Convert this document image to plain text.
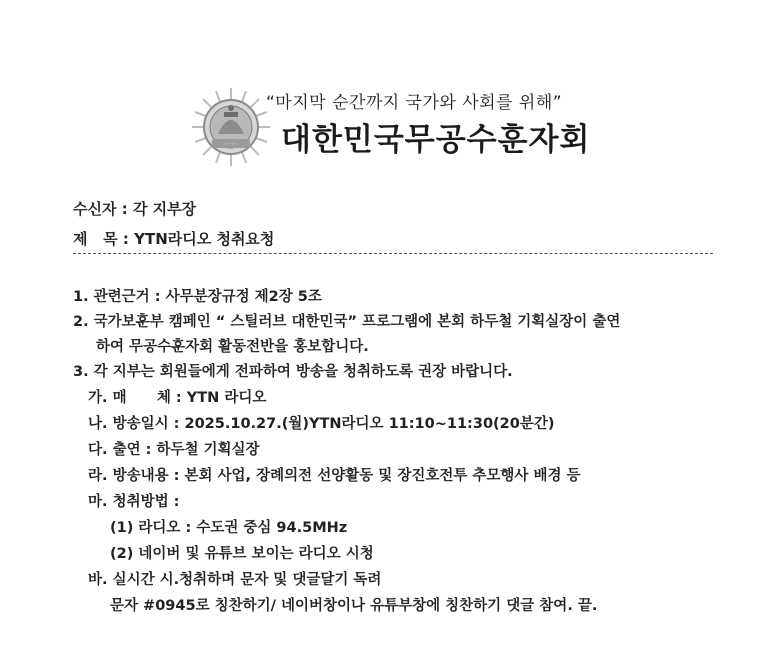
◦◦◦◦
“마지막 순간까지 국가와 사회를 위해”
대한민국무공수훈자회
수신자 : 각 지부장
제   목 : YTN라디오 청취요청
1. 관련근거 : 사무분장규정 제2장 5조
2. 국가보훈부 캠페인 “ 스틸러브 대한민국” 프로그램에 본회 하두철 기획실장이 출연
하여 무공수훈자회 활동전반을 홍보합니다.
3. 각 지부는 회원들에게 전파하여 방송을 청취하도록 권장 바랍니다.
가. 매      체 : YTN 라디오
나. 방송일시 : 2025.10.27.(월)YTN라디오 11:10~11:30(20분간)
다. 출연 : 하두철 기획실장
라. 방송내용 : 본회 사업, 장례의전 선양활동 및 장진호전투 추모행사 배경 등
마. 청취방법 :
(1) 라디오 : 수도권 중심 94.5MHz
(2) 네이버 및 유튜브 보이는 라디오 시청
바. 실시간 시.청취하며 문자 및 댓글달기 독려
문자 #0945로 칭찬하기/ 네이버창이나 유튜부창에 칭찬하기 댓글 참여. 끝.
